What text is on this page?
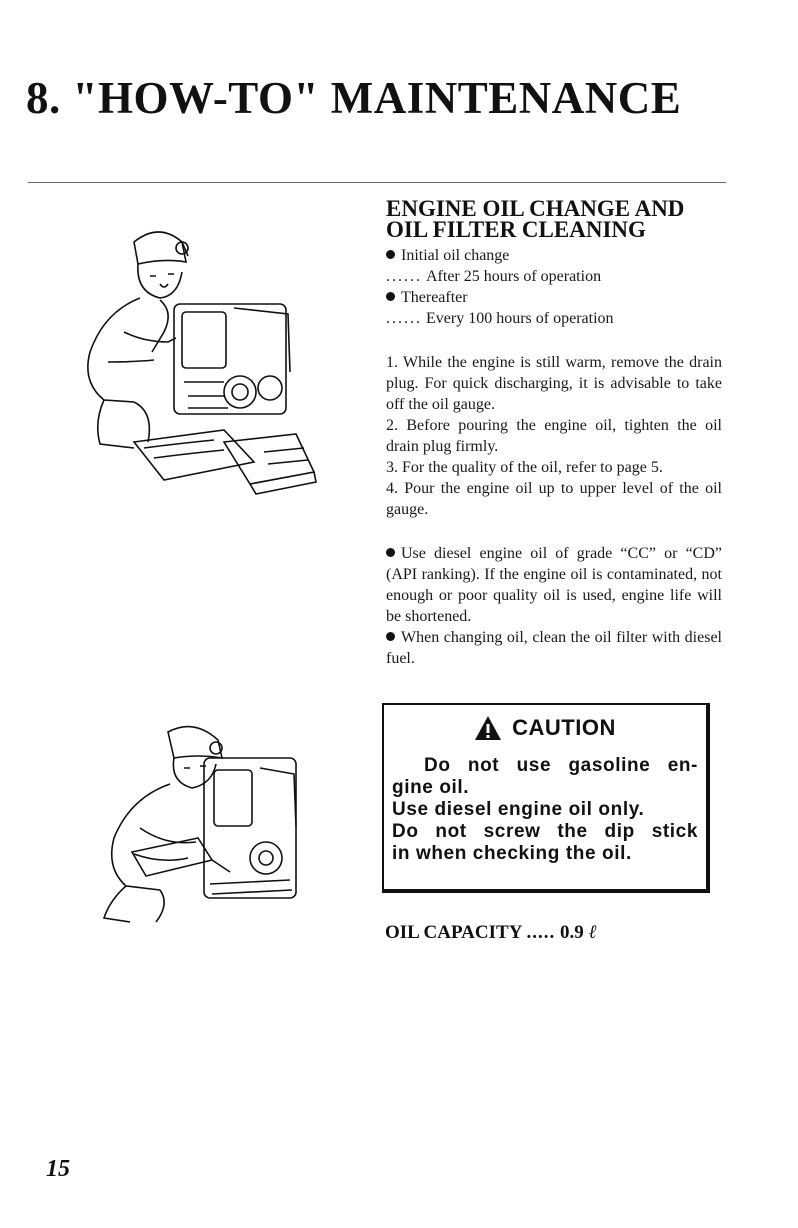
8. "HOW-TO" MAINTENANCE
ENGINE OIL CHANGE AND
OIL FILTER CLEANING

Initial oil change

...... After 25 hours of operation

Thereafter

...... Every 100 hours of operation

1. While the engine is still warm, remove the drain plug. For quick discharging, it is advisable to take off the oil gauge.

2. Before pouring the engine oil, tighten the oil drain plug firmly.

3. For the quality of the oil, refer to page 5.

4. Pour the engine oil up to upper level of the oil gauge.

Use diesel engine oil of grade “CC” or “CD” (API ranking). If the engine oil is contaminated, not enough or poor quality oil is used, engine life will be shortened.

When changing oil, clean the oil filter with diesel fuel.

CAUTION

Do not use gasoline en-

gine oil.

Use diesel engine oil only.

Do not screw the dip stick

in when checking the oil.

OIL CAPACITY ..... 0.9 ℓ
15
